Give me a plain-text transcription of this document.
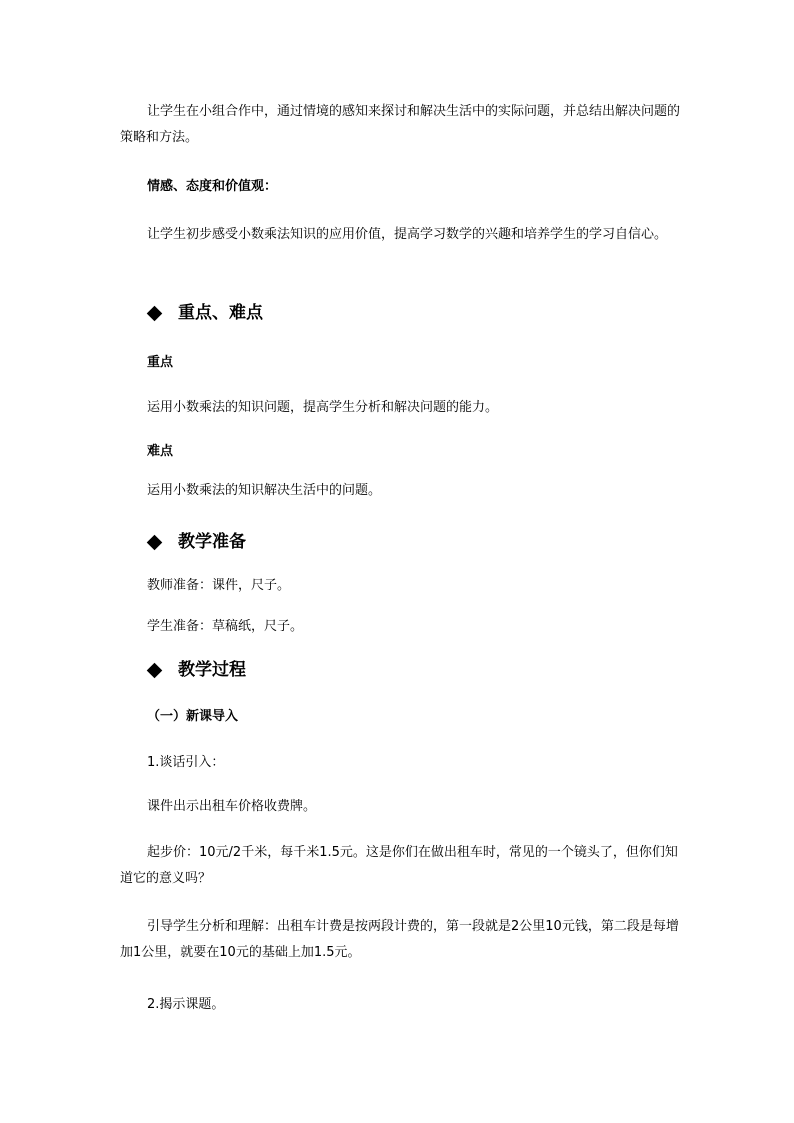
让学生在小组合作中，通过情境的感知来探讨和解决生活中的实际问题，并总结出解决问题的策略和方法。

情感、态度和价值观：

让学生初步感受小数乘法知识的应用价值，提高学习数学的兴趣和培养学生的学习自信心。

重点、难点

重点

运用小数乘法的知识问题，提高学生分析和解决问题的能力。

难点

运用小数乘法的知识解决生活中的问题。

教学准备

教师准备：课件，尺子。

学生准备：草稿纸，尺子。

教学过程

（一）新课导入

1.谈话引入：

课件出示出租车价格收费牌。

起步价：10元/2千米，每千米1.5元。这是你们在做出租车时，常见的一个镜头了，但你们知道它的意义吗？

引导学生分析和理解：出租车计费是按两段计费的，第一段就是2公里10元钱，第二段是每增加1公里，就要在10元的基础上加1.5元。

2.揭示课题。
